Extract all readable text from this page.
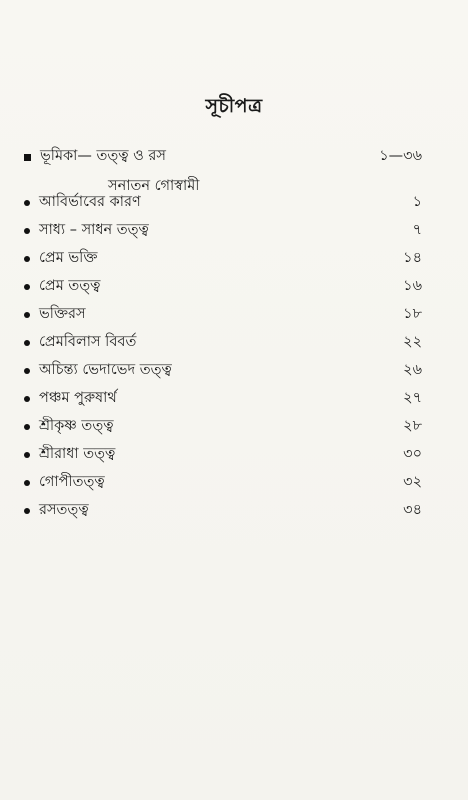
সূচীপত্র
ভূমিকা— তত্ত্ব ও রস	১—৩৬
সনাতন গোস্বামী
আবির্ভাবের কারণ	১
সাধ্য – সাধন তত্ত্ব	৭
প্রেম ভক্তি	১৪
প্রেম তত্ত্ব	১৬
ভক্তিরস	১৮
প্রেমবিলাস বিবর্ত	২২
অচিন্ত্য ভেদাভেদ তত্ত্ব	২৬
পঞ্চম পুরুষার্থ	২৭
শ্রীকৃষ্ণ তত্ত্ব	২৮
শ্রীরাধা তত্ত্ব	৩০
গোপীতত্ত্ব	৩২
রসতত্ত্ব	৩৪
